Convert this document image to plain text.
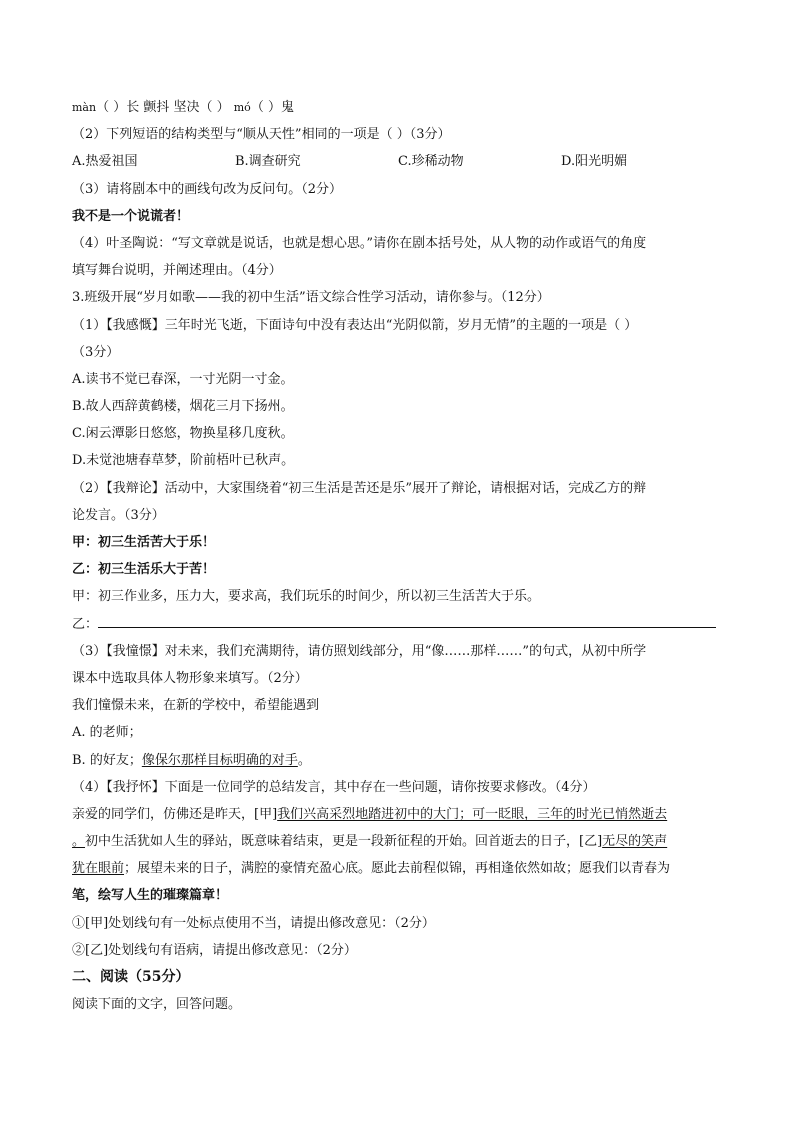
màn（ ）长 颤抖 坚决（ ） mó（ ）鬼
（2）下列短语的结构类型与“顺从天性”相同的一项是（ ）（3分）
A.热爱祖国	B.调查研究	C.珍稀动物	D.阳光明媚
（3）请将剧本中的画线句改为反问句。（2分）
我不是一个说谎者！
（4）叶圣陶说：“写文章就是说话，也就是想心思。”请你在剧本括号处，从人物的动作或语气的角度
填写舞台说明，并阐述理由。（4分）
3.班级开展“岁月如歌——我的初中生活”语文综合性学习活动，请你参与。（12分）
（1）【我感慨】三年时光飞逝，下面诗句中没有表达出“光阴似箭，岁月无情”的主题的一项是（ ）
（3分）
A.读书不觉已春深，一寸光阴一寸金。
B.故人西辞黄鹤楼，烟花三月下扬州。
C.闲云潭影日悠悠，物换星移几度秋。
D.未觉池塘春草梦，阶前梧叶已秋声。
（2）【我辩论】活动中，大家围绕着“初三生活是苦还是乐”展开了辩论，请根据对话，完成乙方的辩
论发言。（3分）
甲：初三生活苦大于乐！
乙：初三生活乐大于苦！
甲：初三作业多，压力大，要求高，我们玩乐的时间少，所以初三生活苦大于乐。
乙：
（3）【我憧憬】对未来，我们充满期待，请仿照划线部分，用“像……那样……”的句式，从初中所学
课本中选取具体人物形象来填写。（2分）
我们憧憬未来，在新的学校中，希望能遇到
A. 的老师；
B. 的好友；像保尔那样目标明确的对手。
（4）【我抒怀】下面是一位同学的总结发言，其中存在一些问题，请你按要求修改。（4分）
亲爱的同学们，仿佛还是昨天，[甲]我们兴高采烈地踏进初中的大门；可一眨眼，三年的时光已悄然逝去
。初中生活犹如人生的驿站，既意味着结束，更是一段新征程的开始。回首逝去的日子，[乙]无尽的笑声
犹在眼前；展望未来的日子，满腔的豪情充盈心底。愿此去前程似锦，再相逢依然如故；愿我们以青春为
笔，绘写人生的璀璨篇章！
①[甲]处划线句有一处标点使用不当，请提出修改意见：（2分）
②[乙]处划线句有语病，请提出修改意见：（2分）
二、阅读（55分）
阅读下面的文字，回答问题。
